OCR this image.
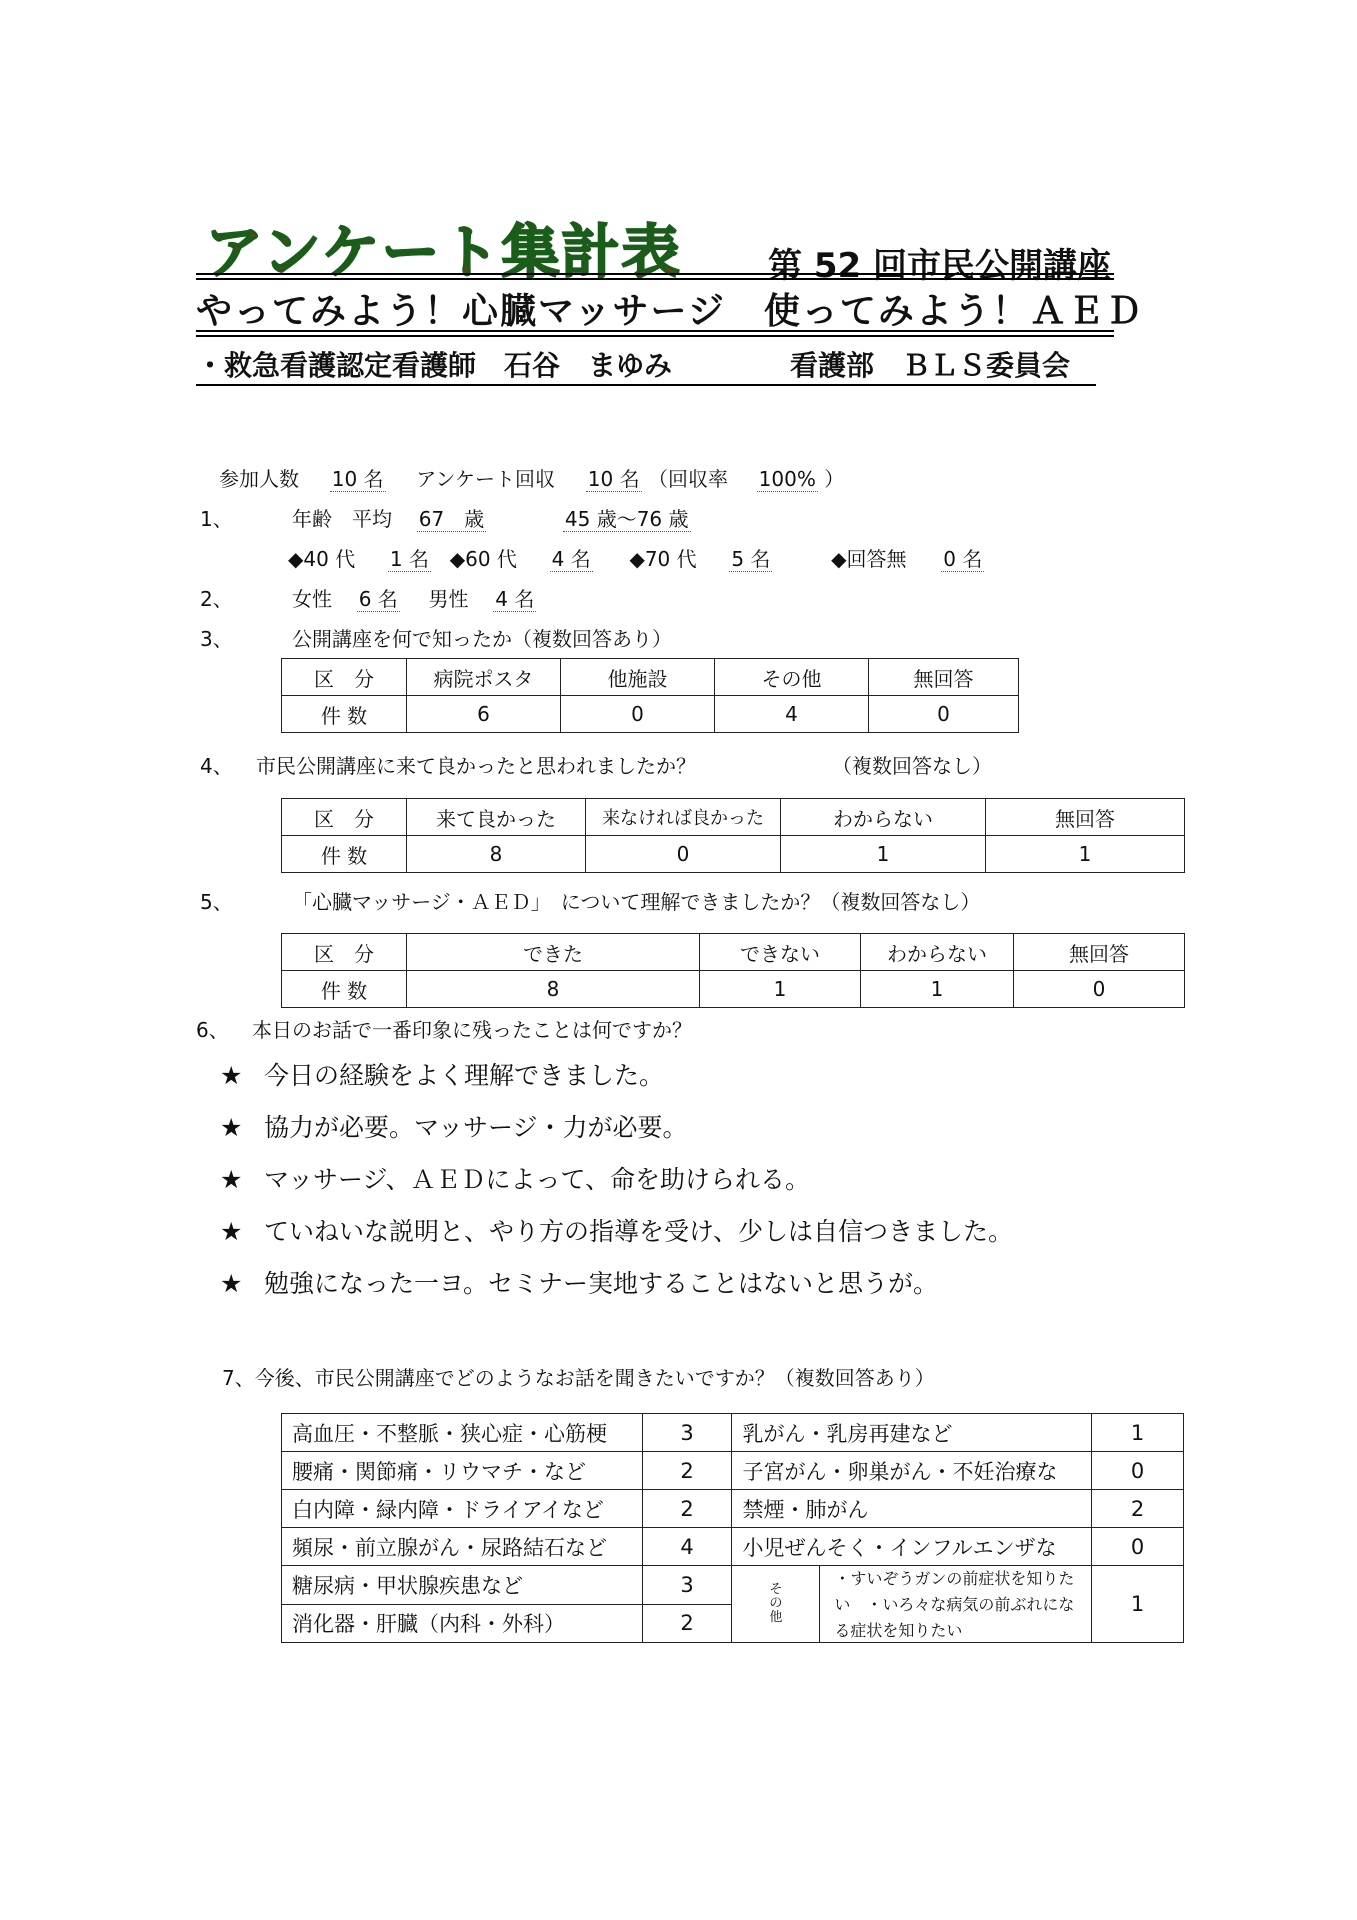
アンケート集計表	第 52 回市民公開講座
やってみよう！心臓マッサージ　使ってみよう！ＡＥＤ
・救急看護認定看護師　石谷　まゆみ	看護部　ＢＬＳ委員会
参加人数 10 名 アンケート回収 10 名 （回収率 100% ）
1、	年齢　平均 67　歳	45 歳～76 歳
◆40 代 1 名 ◆60 代 4 名 ◆70 代 5 名	◆回答無 0 名
2、	女性 6 名 男性 4 名
3、	公開講座を何で知ったか（複数回答あり）
区　分	病院ポスタ	他施設	その他	無回答
件 数	6	0	4	0
4、 市民公開講座に来て良かったと思われましたか？	（複数回答なし）
区　分	来て良かった	来なければ良かった	わからない	無回答
件 数	8	0	1	1
5、	「心臓マッサージ・ＡＥＤ」　について理解できましたか？（複数回答なし）
区　分	できた	できない	わからない	無回答
件 数	8	1	1	0
6、 本日のお話で一番印象に残ったことは何ですか？
★ 今日の経験をよく理解できました。
★ 協力が必要。マッサージ・力が必要。
★ マッサージ、ＡＥＤによって、命を助けられる。
★ ていねいな説明と、やり方の指導を受け、少しは自信つきました。
★ 勉強になった一ヨ。セミナー実地することはないと思うが。
7、今後、市民公開講座でどのようなお話を聞きたいですか？（複数回答あり）
高血圧・不整脈・狭心症・心筋梗	3	乳がん・乳房再建など		1
腰痛・関節痛・リウマチ・など	2	子宮がん・卵巣がん・不妊治療な		0
白内障・緑内障・ドライアイなど	2	禁煙・肺がん		2
頻尿・前立腺がん・尿路結石など	4	小児ぜんそく・インフルエンザな		0
糖尿病・甲状腺疾患など	3	その他	・すいぞうガンの前症状を知りたい　・いろ々な病気の前ぶれになる症状を知りたい	1
消化器・肝臓（内科・外科）	2			
